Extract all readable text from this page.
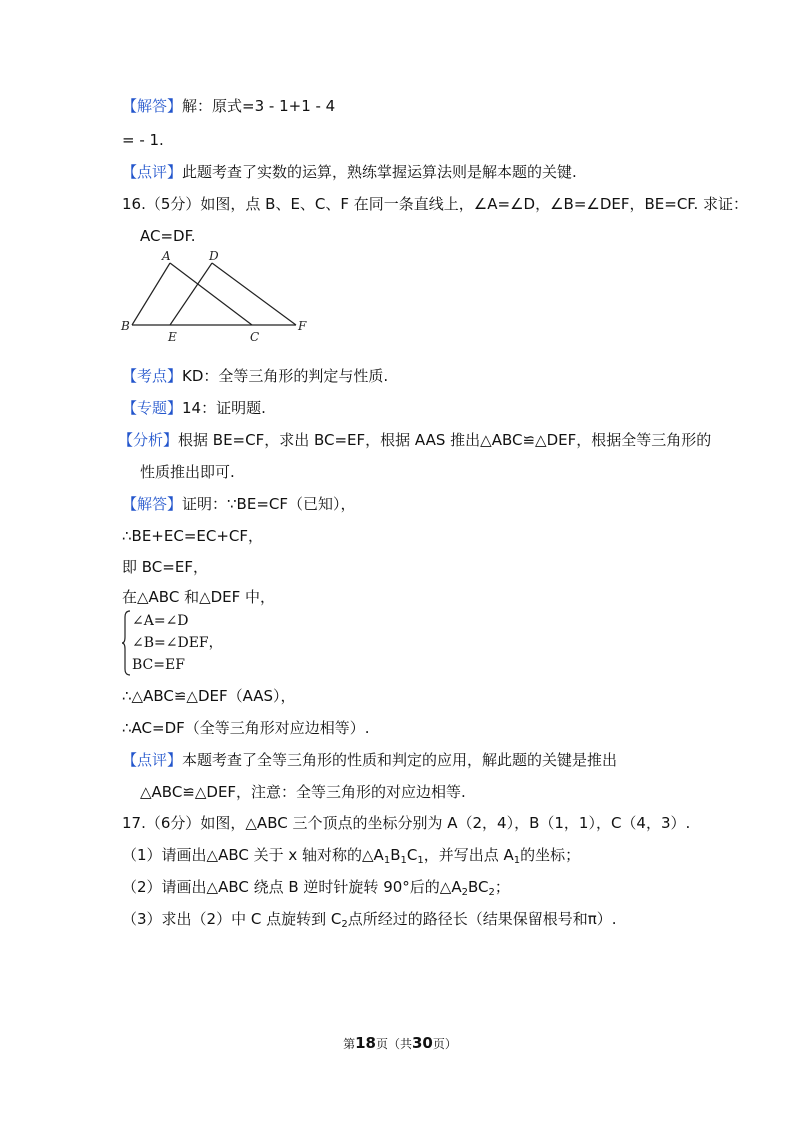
【解答】解：原式=3 - 1+1 - 4
= - 1.
【点评】此题考查了实数的运算，熟练掌握运算法则是解本题的关键.
16.（5分）如图，点 B、E、C、F 在同一条直线上，∠A=∠D，∠B=∠DEF，BE=CF. 求证：
AC=DF.
A
B
C
D
E
F
【考点】KD：全等三角形的判定与性质.
【专题】14：证明题.
【分析】根据 BE=CF，求出 BC=EF，根据 AAS 推出△ABC≌△DEF，根据全等三角形的
性质推出即可.
【解答】证明：∵BE=CF（已知），
∴BE+EC=EC+CF，
即 BC=EF，
在△ABC 和△DEF 中，
∠A=∠D
∠B=∠DEF，
BC=EF
∴△ABC≌△DEF（AAS），
∴AC=DF（全等三角形对应边相等）.
【点评】本题考查了全等三角形的性质和判定的应用，解此题的关键是推出
△ABC≌△DEF，注意：全等三角形的对应边相等.
17.（6分）如图，△ABC 三个顶点的坐标分别为 A（2，4），B（1，1），C（4，3）.
（1）请画出△ABC 关于 x 轴对称的$\triangle A_1B_1C_1$，并写出点 $A_1$的坐标；
（2）请画出△ABC 绕点 B 逆时针旋转 90°后的$\triangle A_2BC_2$；
（3）求出（2）中 C 点旋转到 $C_2$点所经过的路径长（结果保留根号和π）.
第18页（共30页）
